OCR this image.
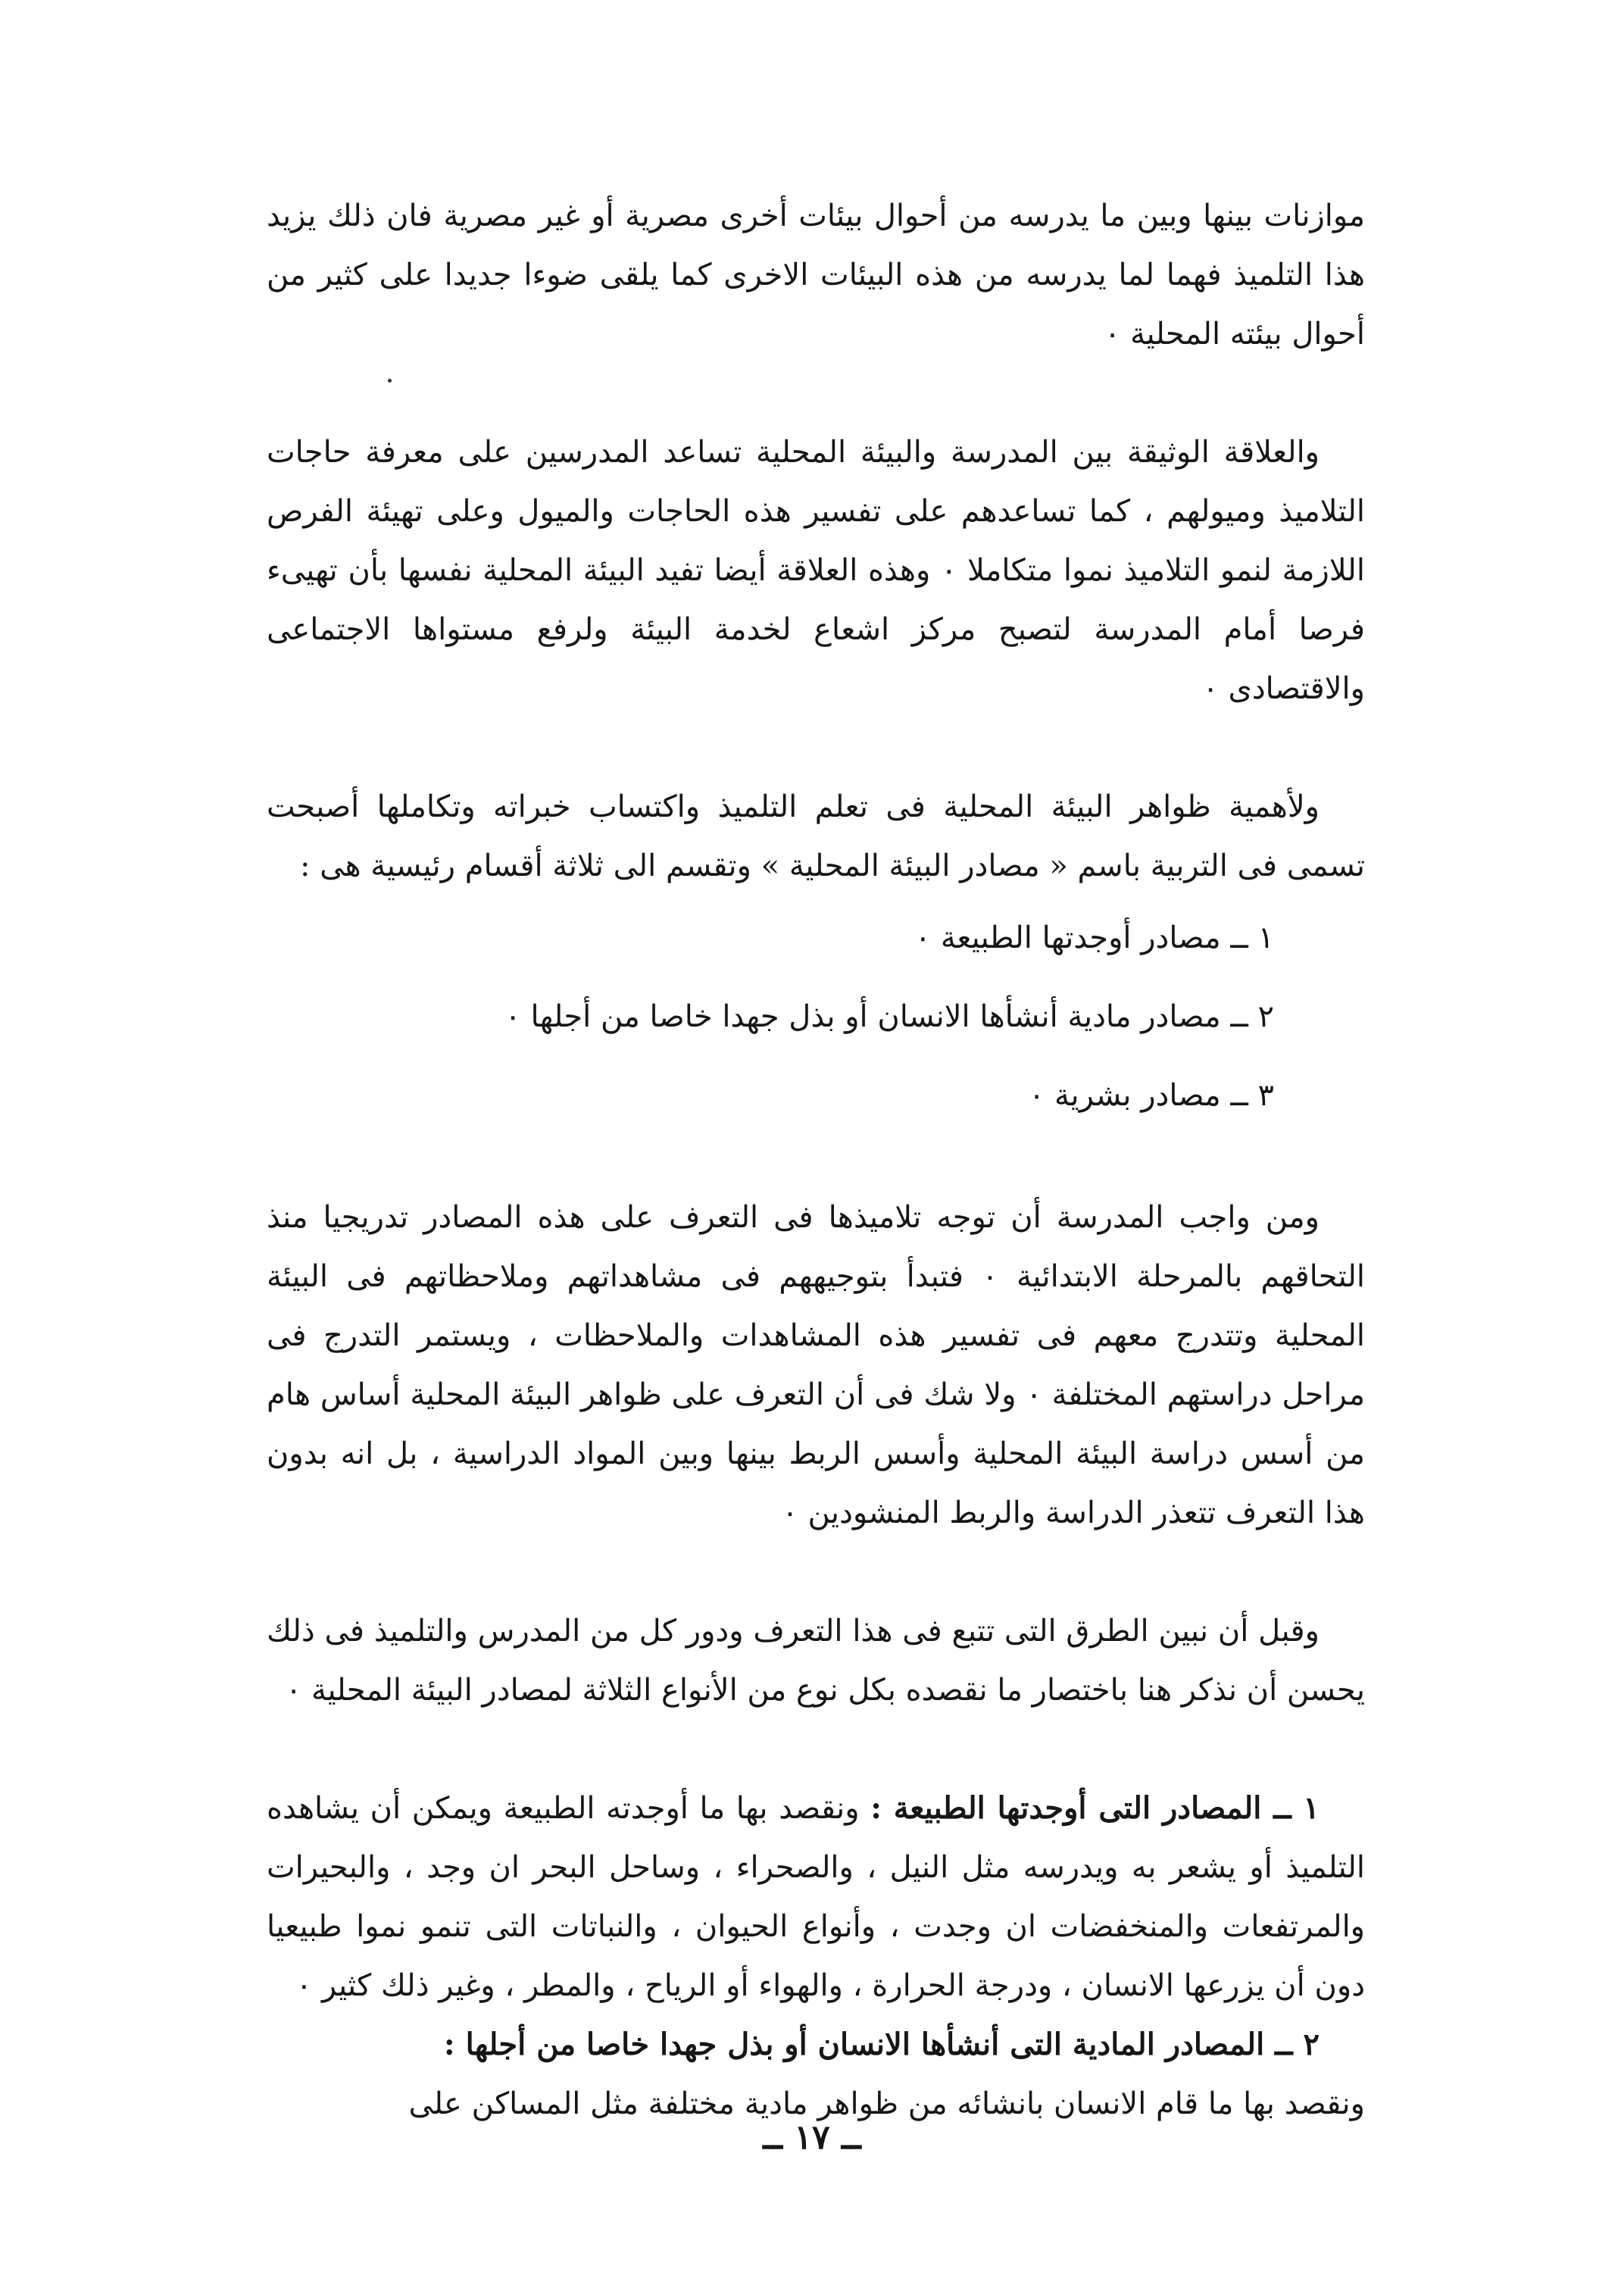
موازنات بينها وبين ما يدرسه من أحوال بيئات أخرى مصرية أو غير مصرية فان ذلك يزيد هذا التلميذ فهما لما يدرسه من هذه البيئات الاخرى كما يلقى ضوءا جديدا على كثير من أحوال بيئته المحلية ٠

والعلاقة الوثيقة بين المدرسة والبيئة المحلية تساعد المدرسين على معرفة حاجات التلاميذ وميولهم ، كما تساعدهم على تفسير هذه الحاجات والميول وعلى تهيئة الفرص اللازمة لنمو التلاميذ نموا متكاملا ٠ وهذه العلاقة أيضا تفيد البيئة المحلية نفسها بأن تهيىء فرصا أمام المدرسة لتصبح مركز اشعاع لخدمة البيئة ولرفع مستواها الاجتماعى والاقتصادى ٠

ولأهمية ظواهر البيئة المحلية فى تعلم التلميذ واكتساب خبراته وتكاملها أصبحت تسمى فى التربية باسم « مصادر البيئة المحلية » وتقسم الى ثلاثة أقسام رئيسية هى :

١ ــ مصادر أوجدتها الطبيعة ٠

٢ ــ مصادر مادية أنشأها الانسان أو بذل جهدا خاصا من أجلها ٠

٣ ــ مصادر بشرية ٠

ومن واجب المدرسة أن توجه تلاميذها فى التعرف على هذه المصادر تدريجيا منذ التحاقهم بالمرحلة الابتدائية ٠ فتبدأ بتوجيههم فى مشاهداتهم وملاحظاتهم فى البيئة المحلية وتتدرج معهم فى تفسير هذه المشاهدات والملاحظات ، ويستمر التدرج فى مراحل دراستهم المختلفة ٠ ولا شك فى أن التعرف على ظواهر البيئة المحلية أساس هام من أسس دراسة البيئة المحلية وأسس الربط بينها وبين المواد الدراسية ، بل انه بدون هذا التعرف تتعذر الدراسة والربط المنشودين ٠

وقبل أن نبين الطرق التى تتبع فى هذا التعرف ودور كل من المدرس والتلميذ فى ذلك يحسن أن نذكر هنا باختصار ما نقصده بكل نوع من الأنواع الثلاثة لمصادر البيئة المحلية ٠

١ ــ المصادر التى أوجدتها الطبيعة : ونقصد بها ما أوجدته الطبيعة ويمكن أن يشاهده التلميذ أو يشعر به ويدرسه مثل النيل ، والصحراء ، وساحل البحر ان وجد ، والبحيرات والمرتفعات والمنخفضات ان وجدت ، وأنواع الحيوان ، والنباتات التى تنمو نموا طبيعيا دون أن يزرعها الانسان ، ودرجة الحرارة ، والهواء أو الرياح ، والمطر ، وغير ذلك كثير ٠

٢ ــ المصادر المادية التى أنشأها الانسان أو بذل جهدا خاصا من أجلها :

ونقصد بها ما قام الانسان بانشائه من ظواهر مادية مختلفة مثل المساكن على

ــ ١٧ ــ
